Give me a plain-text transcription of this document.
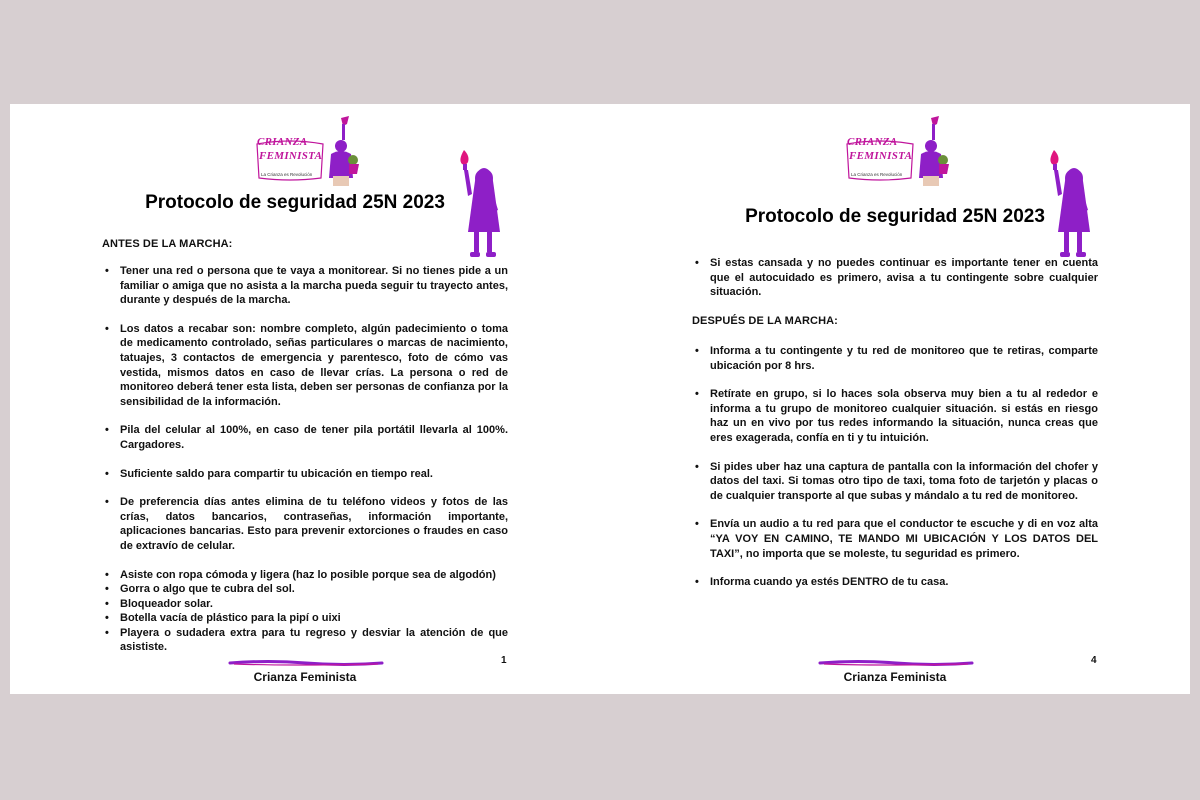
CRIANZA
FEMINISTA
La Crianza es Revolución
Protocolo de seguridad 25N 2023
ANTES DE LA MARCHA:
• Tener una red o persona que te vaya a monitorear. Si no tienes pide a un familiar o amiga que no asista a la marcha pueda seguir tu trayecto antes, durante y después de la marcha.
• Los datos a recabar son: nombre completo, algún padecimiento o toma de medicamento controlado, señas particulares o marcas de nacimiento, tatuajes, 3 contactos de emergencia y parentesco, foto de cómo vas vestida, mismos datos en caso de llevar crías. La persona o red de monitoreo deberá tener esta lista, deben ser personas de confianza por la sensibilidad de la información.
• Pila del celular al 100%, en caso de tener pila portátil llevarla al 100%. Cargadores.
• Suficiente saldo para compartir tu ubicación en tiempo real.
• De preferencia días antes elimina de tu teléfono videos y fotos de las crías, datos bancarios, contraseñas, información importante, aplicaciones bancarias. Esto para prevenir extorciones o fraudes en caso de extravío de celular.
• Asiste con ropa cómoda y ligera (haz lo posible porque sea de algodón)
• Gorra o algo que te cubra del sol.
• Bloqueador solar.
• Botella vacía de plástico para la pipí o uixi
• Playera o sudadera extra para tu regreso y desviar la atención de que asististe.
1
Crianza Feminista
CRIANZA
FEMINISTA
La Crianza es Revolución
Protocolo de seguridad 25N 2023
• Si estas cansada y no puedes continuar es importante tener en cuenta que el autocuidado es primero, avisa a tu contingente sobre cualquier situación.
DESPUÉS DE LA MARCHA:
• Informa a tu contingente y tu red de monitoreo que te retiras, comparte ubicación por 8 hrs.
• Retírate en grupo, si lo haces sola observa muy bien a tu al rededor e informa a tu grupo de monitoreo cualquier situación. si estás en riesgo haz un en vivo por tus redes informando la situación, nunca creas que eres exagerada, confía en ti y tu intuición.
• Si pides uber haz una captura de pantalla con la información del chofer y datos del taxi. Si tomas otro tipo de taxi, toma foto de tarjetón y placas o de cualquier transporte al que subas y mándalo a tu red de monitoreo.
• Envía un audio a tu red para que el conductor te escuche y di en voz alta “YA VOY EN CAMINO, TE MANDO MI UBICACIÓN Y LOS DATOS DEL TAXI”, no importa que se moleste, tu seguridad es primero.
• Informa cuando ya estés DENTRO de tu casa.
4
Crianza Feminista
